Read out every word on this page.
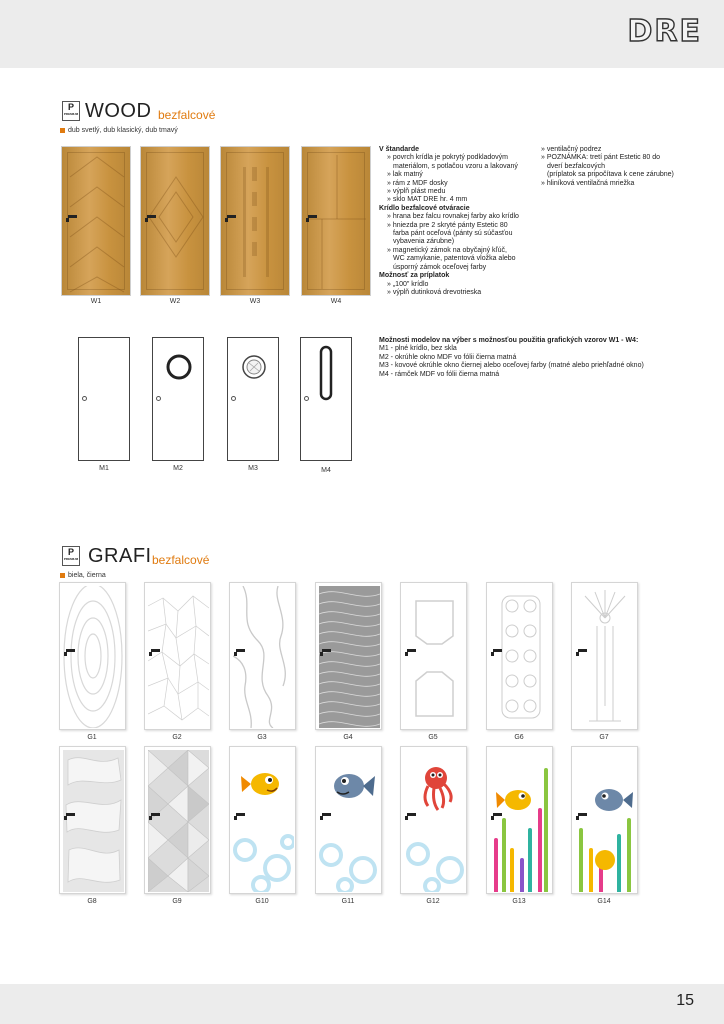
DRE
15
P
PREMIUM WOOD bezfalcové
dub svetlý, dub klasický, dub tmavý
W1	W2	W3	W4
V štandarde
» povrch krídla je pokrytý podkladovým
materiálom, s potlačou vzoru a lakovaný
» lak matný
» rám z MDF dosky
» výplň plást medu
» sklo MAT DRE hr. 4 mm
Krídlo bezfalcové otváracie
» hrana bez falcu rovnakej farby ako krídlo
» hniezda pre 2 skryté pánty Estetic 80
farba pánt oceľová (pánty sú súčasťou
vybavenia zárubne)
» magnetický zámok na obyčajný kľúč,
WC zamykanie, patentová vložka alebo
úsporný zámok oceľovej farby
Možnosť za príplatok
» „100" krídlo
» výplň dutinková drevotrieska
» ventilačný podrez
» POZNÁMKA: tretí pánt Estetic 80 do
dverí bezfalcových
(príplatok sa pripočítava k cene zárubne)
» hliníková ventilačná mriežka
M1	M2	M3	M4
Možnosti modelov na výber s možnosťou použitia grafických vzorov W1 - W4:
M1 - plné krídlo, bez skla
M2 - okrúhle okno MDF vo fólii čierna matná
M3 - kovové okrúhle okno čiernej alebo oceľovej farby (matné alebo priehľadné okno)
M4 - rámček MDF vo fólii čierna matná
P
PREMIUM GRAFI bezfalcové
biela, čierna
G1	G2	G3	G4	G5	G6	G7
G8	G9	G10	G11	G12	G13	G14
